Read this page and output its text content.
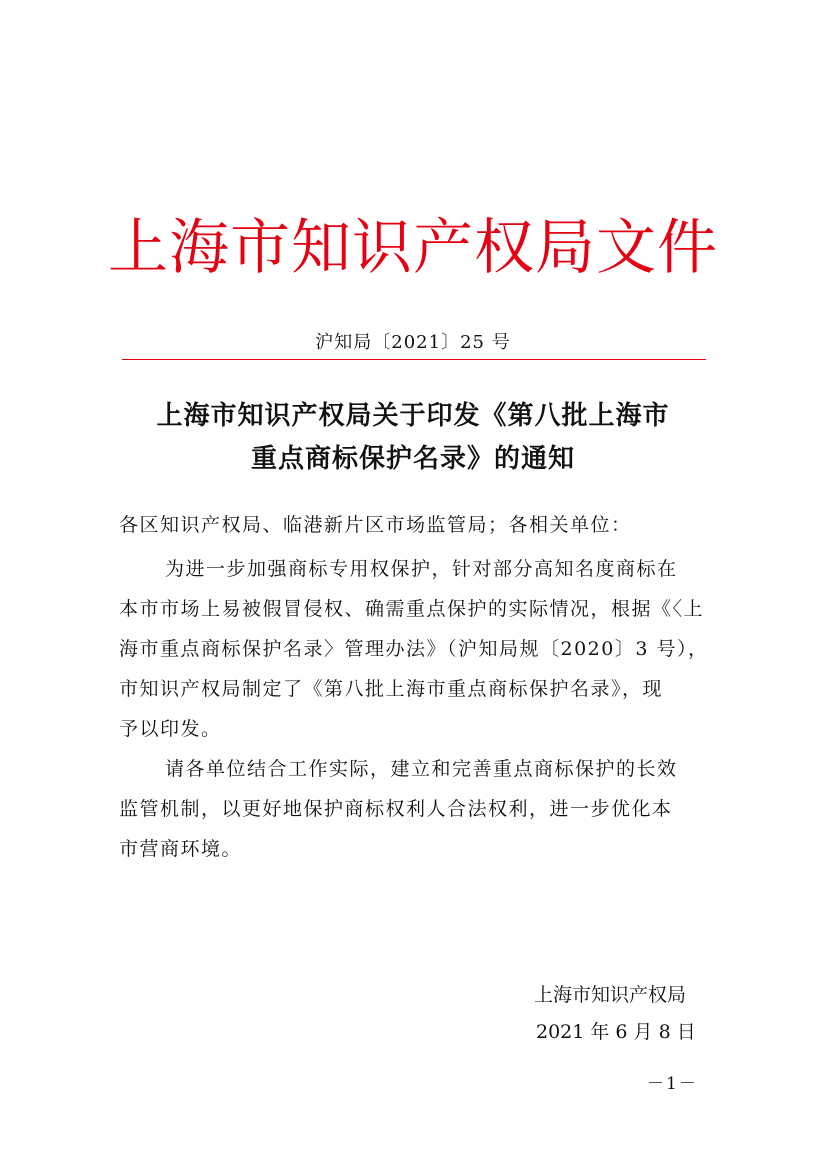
上海市知识产权局文件
沪知局〔2021〕25 号
上海市知识产权局关于印发《第八批上海市
重点商标保护名录》的通知
各区知识产权局、临港新片区市场监管局；各相关单位：
为进一步加强商标专用权保护，针对部分高知名度商标在
本市市场上易被假冒侵权、确需重点保护的实际情况，根据《〈上
海市重点商标保护名录〉管理办法》（沪知局规〔2020〕3 号），
市知识产权局制定了《第八批上海市重点商标保护名录》，现
予以印发。
请各单位结合工作实际，建立和完善重点商标保护的长效
监管机制，以更好地保护商标权利人合法权利，进一步优化本
市营商环境。
上海市知识产权局
2021 年 6 月 8 日
－1－
